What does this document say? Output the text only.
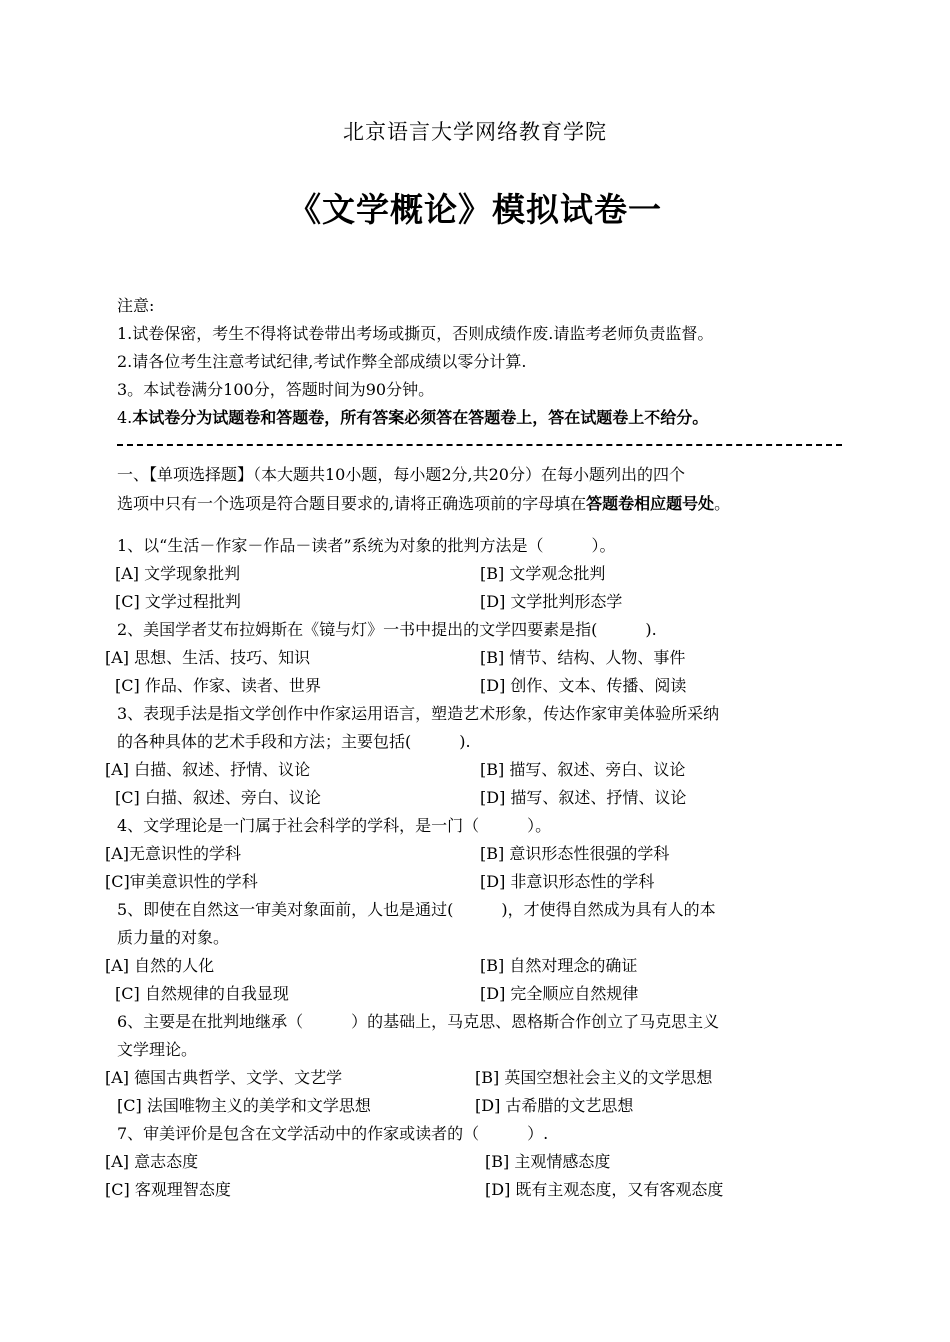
北京语言大学网络教育学院
《文学概论》模拟试卷一
注意:
1.试卷保密，考生不得将试卷带出考场或撕页，否则成绩作废.请监考老师负责监督。
2.请各位考生注意考试纪律,考试作弊全部成绩以零分计算.
3。本试卷满分100分，答题时间为90分钟。
4.本试卷分为试题卷和答题卷，所有答案必须答在答题卷上，答在试题卷上不给分。
一、【单项选择题】（本大题共10小题，每小题2分,共20分）在每小题列出的四个
选项中只有一个选项是符合题目要求的,请将正确选项前的字母填在答题卷相应题号处。
1、以“生活－作家－作品－读者”系统为对象的批判方法是（　　　）。
[A] 文学现象批判	[B] 文学观念批判
[C] 文学过程批判	[D] 文学批判形态学
2、美国学者艾布拉姆斯在《镜与灯》一书中提出的文学四要素是指(　　　).
[A] 思想、生活、技巧、知识	[B] 情节、结构、人物、事件
[C] 作品、作家、读者、世界	[D] 创作、文本、传播、阅读
3、表现手法是指文学创作中作家运用语言，塑造艺术形象，传达作家审美体验所采纳
的各种具体的艺术手段和方法；主要包括(　　　).
[A] 白描、叙述、抒情、议论	[B] 描写、叙述、旁白、议论
[C] 白描、叙述、旁白、议论	[D] 描写、叙述、抒情、议论
4、文学理论是一门属于社会科学的学科，是一门（　　　）。
[A]无意识性的学科	[B] 意识形态性很强的学科
[C]审美意识性的学科	[D] 非意识形态性的学科
5、即使在自然这一审美对象面前，人也是通过(　　　)，才使得自然成为具有人的本
质力量的对象。
[A] 自然的人化	[B] 自然对理念的确证
[C] 自然规律的自我显现	[D] 完全顺应自然规律
6、主要是在批判地继承（　　　）的基础上，马克思、恩格斯合作创立了马克思主义
文学理论。
[A] 德国古典哲学、文学、文艺学	[B] 英国空想社会主义的文学思想
[C] 法国唯物主义的美学和文学思想	[D] 古希腊的文艺思想
7、审美评价是包含在文学活动中的作家或读者的（　　　）.
[A] 意志态度	[B] 主观情感态度
[C] 客观理智态度	[D] 既有主观态度，又有客观态度
